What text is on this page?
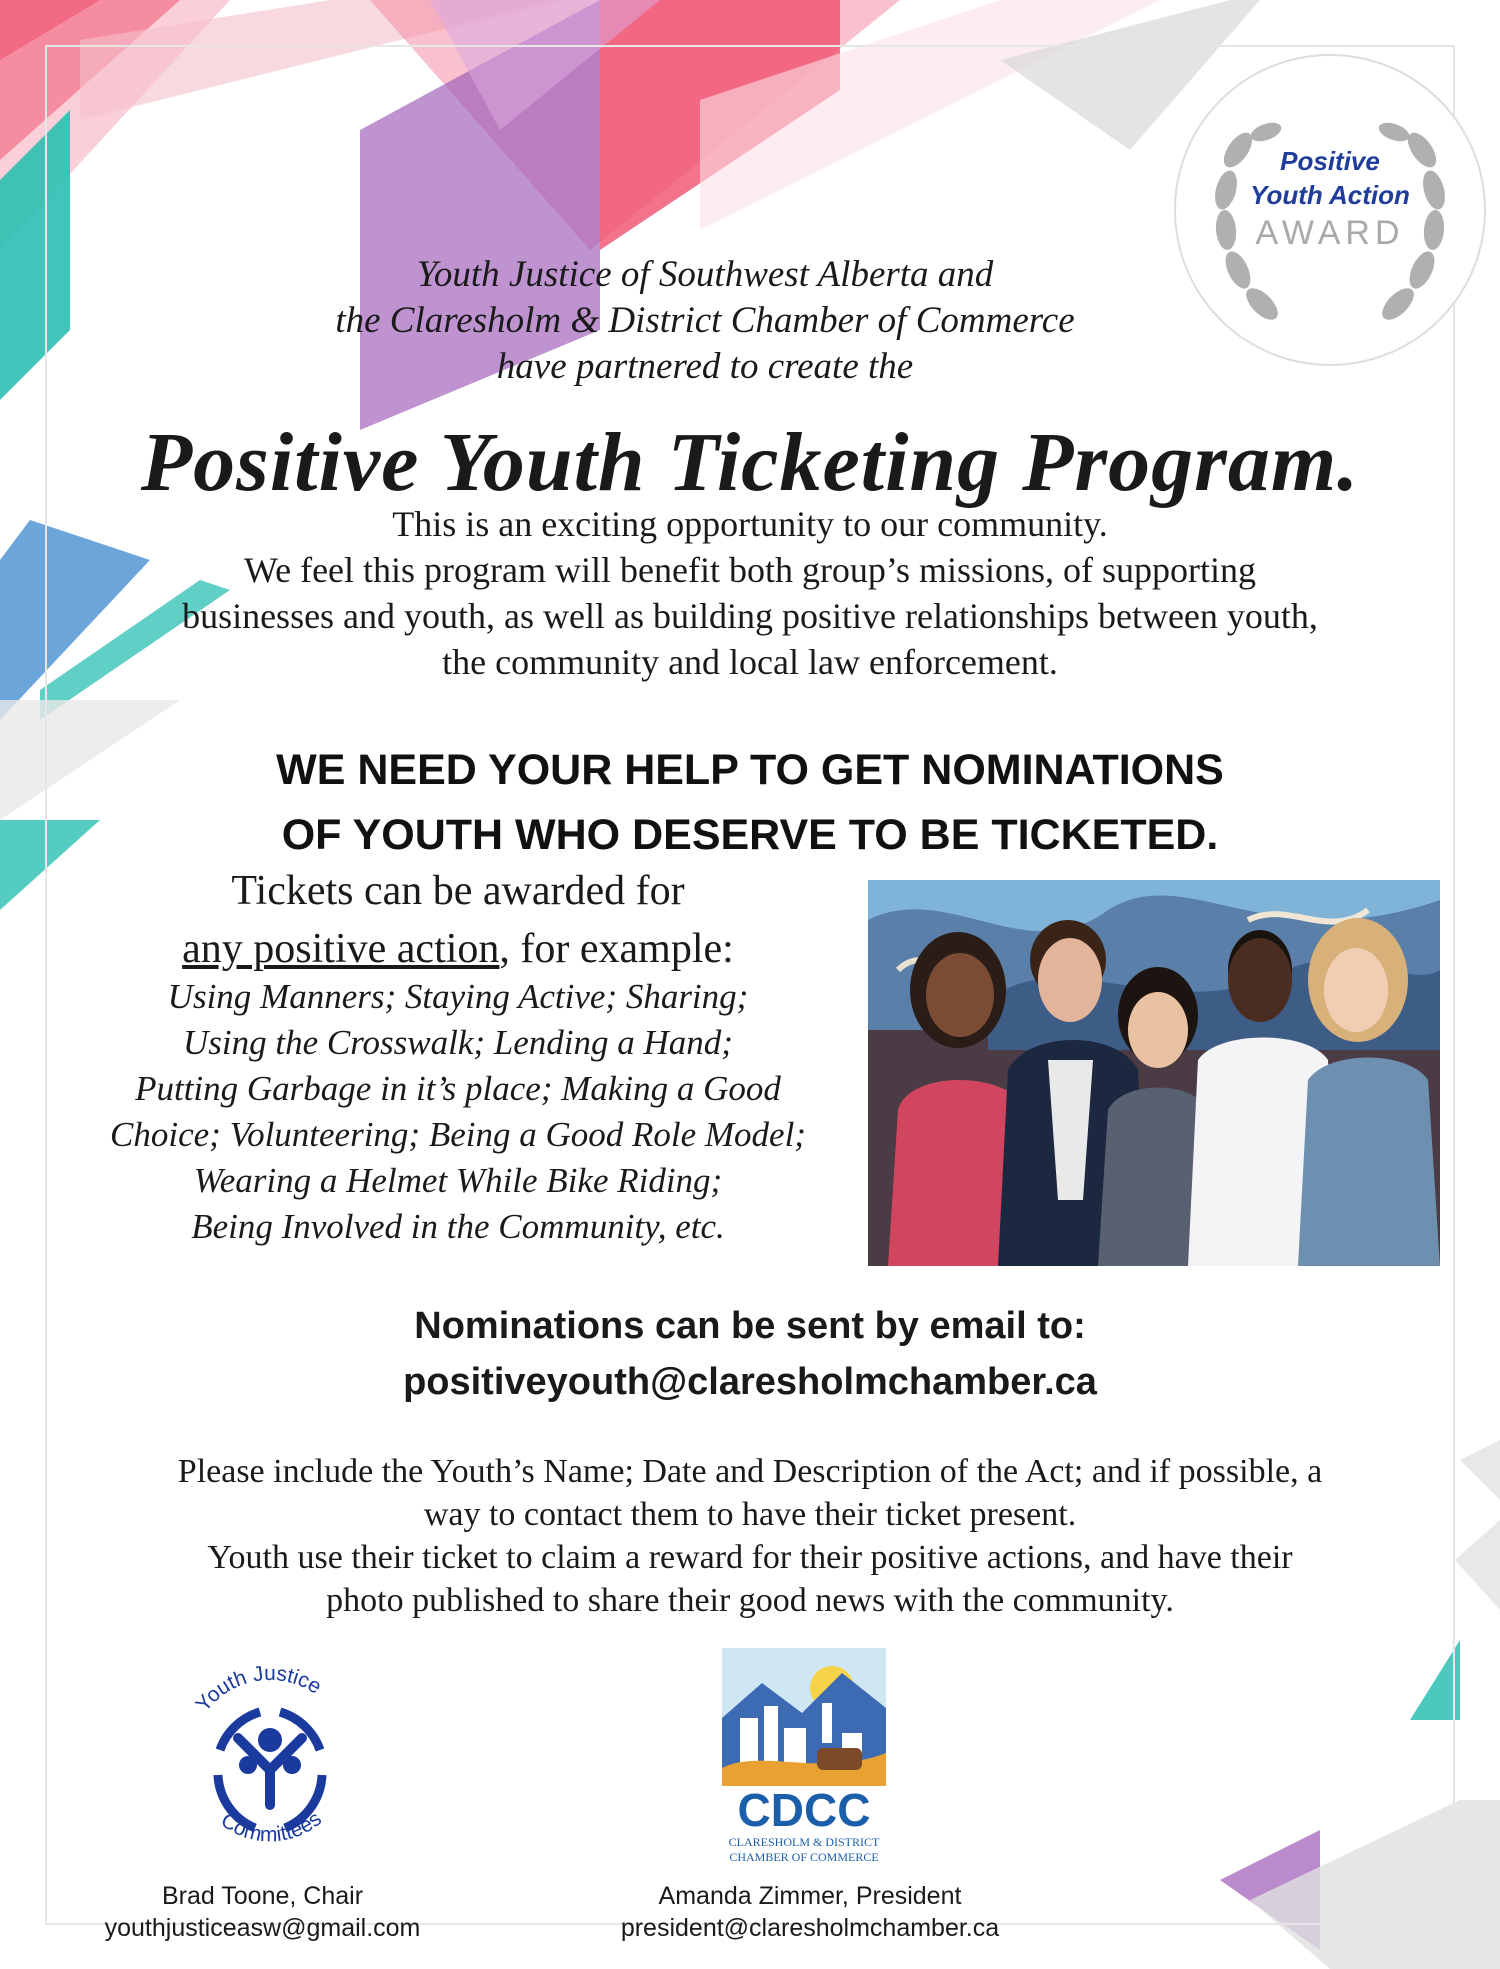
Positive
Youth Action
AWARD
Youth Justice of Southwest Alberta and
the Claresholm & District Chamber of Commerce
have partnered to create the
Positive Youth Ticketing Program.
This is an exciting opportunity to our community.
We feel this program will benefit both group’s missions, of supporting
businesses and youth, as well as building positive relationships between youth,
the community and local law enforcement.
WE NEED YOUR HELP TO GET NOMINATIONS
OF YOUTH WHO DESERVE TO BE TICKETED.
Tickets can be awarded for
any positive action, for example:
Using Manners; Staying Active; Sharing;
Using the Crosswalk; Lending a Hand;
Putting Garbage in it’s place; Making a Good
Choice; Volunteering; Being a Good Role Model;
Wearing a Helmet While Bike Riding;
Being Involved in the Community, etc.
Nominations can be sent by email to:
positiveyouth@claresholmchamber.ca
Please include the Youth’s Name; Date and Description of the Act; and if possible, a
way to contact them to have their ticket present.
Youth use their ticket to claim a reward for their positive actions, and have their
photo published to share their good news with the community.
Youth Justice
Committees	CDCC
CLARESHOLM & DISTRICT
CHAMBER OF COMMERCE
Brad Toone, Chair
youthjusticeasw@gmail.com
Amanda Zimmer, President
president@claresholmchamber.ca
